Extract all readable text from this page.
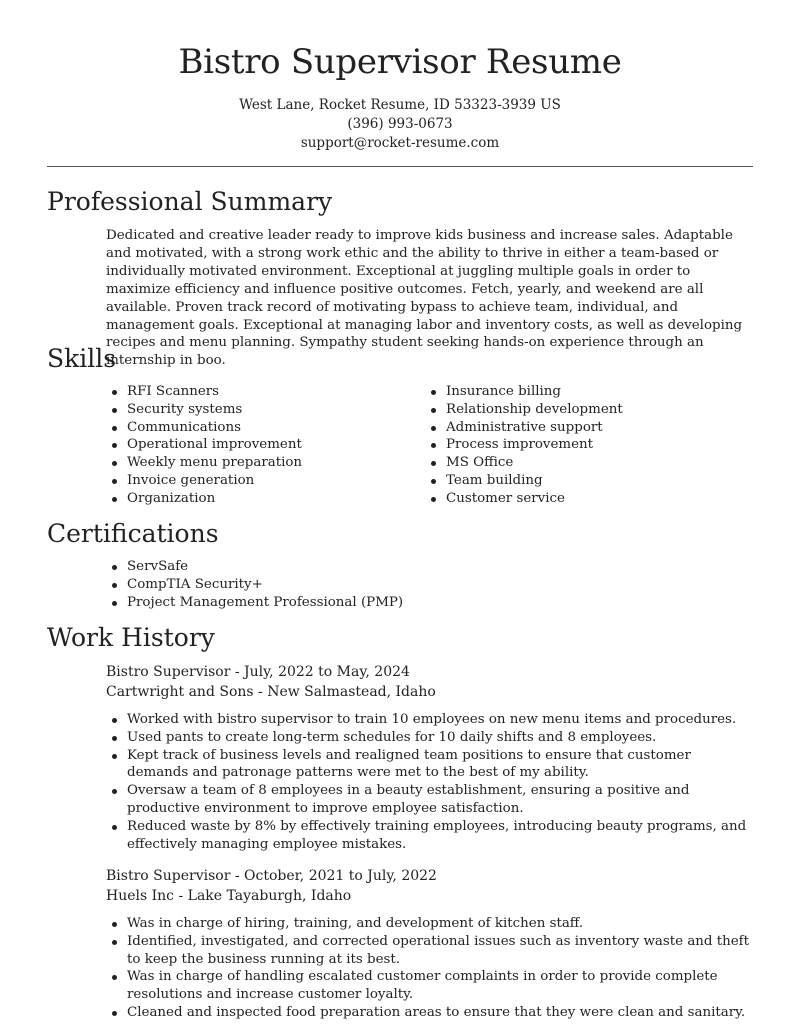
Bistro Supervisor Resume
West Lane, Rocket Resume, ID 53323-3939 US
(396) 993-0673
support@rocket-resume.com
Professional Summary

Dedicated and creative leader ready to improve kids business and increase sales. Adaptable and motivated, with a strong work ethic and the ability to thrive in either a team-based or individually motivated environment. Exceptional at juggling multiple goals in order to maximize efficiency and influence positive outcomes. Fetch, yearly, and weekend are all available. Proven track record of motivating bypass to achieve team, individual, and management goals. Exceptional at managing labor and inventory costs, as well as developing recipes and menu planning. Sympathy student seeking hands-on experience through an internship in boo.

Skills
RFI Scanners
Security systems
Communications
Operational improvement
Weekly menu preparation
Invoice generation
Organization
Insurance billing
Relationship development
Administrative support
Process improvement
MS Office
Team building
Customer service
Certifications
ServSafe
CompTIA Security+
Project Management Professional (PMP)
Work History
Bistro Supervisor - July, 2022 to May, 2024
Cartwright and Sons - New Salmastead, Idaho
Worked with bistro supervisor to train 10 employees on new menu items and procedures.
Used pants to create long-term schedules for 10 daily shifts and 8 employees.
Kept track of business levels and realigned team positions to ensure that customer demands and patronage patterns were met to the best of my ability.
Oversaw a team of 8 employees in a beauty establishment, ensuring a positive and productive environment to improve employee satisfaction.
Reduced waste by 8% by effectively training employees, introducing beauty programs, and effectively managing employee mistakes.
Bistro Supervisor - October, 2021 to July, 2022
Huels Inc - Lake Tayaburgh, Idaho
Was in charge of hiring, training, and development of kitchen staff.
Identified, investigated, and corrected operational issues such as inventory waste and theft to keep the business running at its best.
Was in charge of handling escalated customer complaints in order to provide complete resolutions and increase customer loyalty.
Cleaned and inspected food preparation areas to ensure that they were clean and sanitary.
